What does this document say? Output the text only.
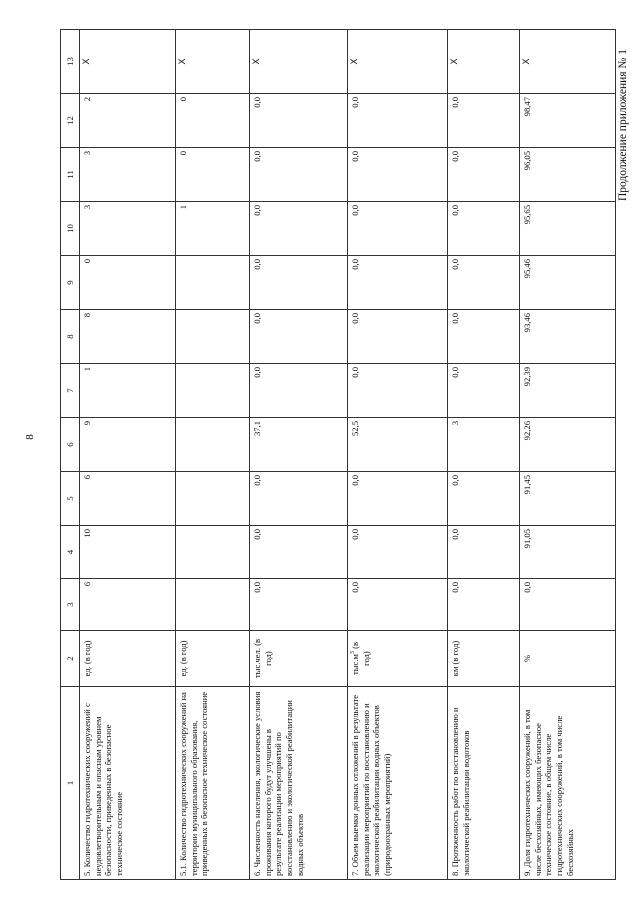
8
Продолжение приложения № 1
1	2	3	4	5	6	7	8	9	10	11	12	13
5. Количество гидротехнических сооружений с неудовлетворительным и опасным уровнем безопасности, приведенных в безопасное техническое состояние	ед. (в год)	6	10	6	9	1	8	0	3	3	2	X
5.1. Количество гидротехнических сооружений на территории муниципального образования, приведенных в безопасное техническое состояние	ед. (в год)								1	0	0	X
6. Численность населения, экологические условия проживания которого будут улучшены в результате реализации мероприятий по восстановлению и экологической реабилитации водных объектов	тыс.чел. (в год)	0,0	0,0	0,0	37,1	0,0	0,0	0,0	0,0	0,0	0,0	X
7. Объем выемки донных отложений в результате реализации мероприятий по восстановлению и экологической реабилитации водных объектов (природоохранных мероприятий)	$тыс.м^3$ (в год)	0,0	0,0	0,0	52,5	0,0	0,0	0,0	0,0	0,0	0,0	X
8. Протяженность работ по восстановлению и экологической реабилитации водотоков	км (в год)	0,0	0,0	0,0	3	0,0	0,0	0,0	0,0	0,0	0,0	X
9. Доля гидротехнических сооружений, в том числе бесхозяйных, имеющих безопасное техническое состояние, в общем числе гидротехнических сооружений, в том числе бесхозяйных	%	0,0	91,05	91,45	92,26	92,39	93,46	95,46	95,65	96,05	98,47	X
